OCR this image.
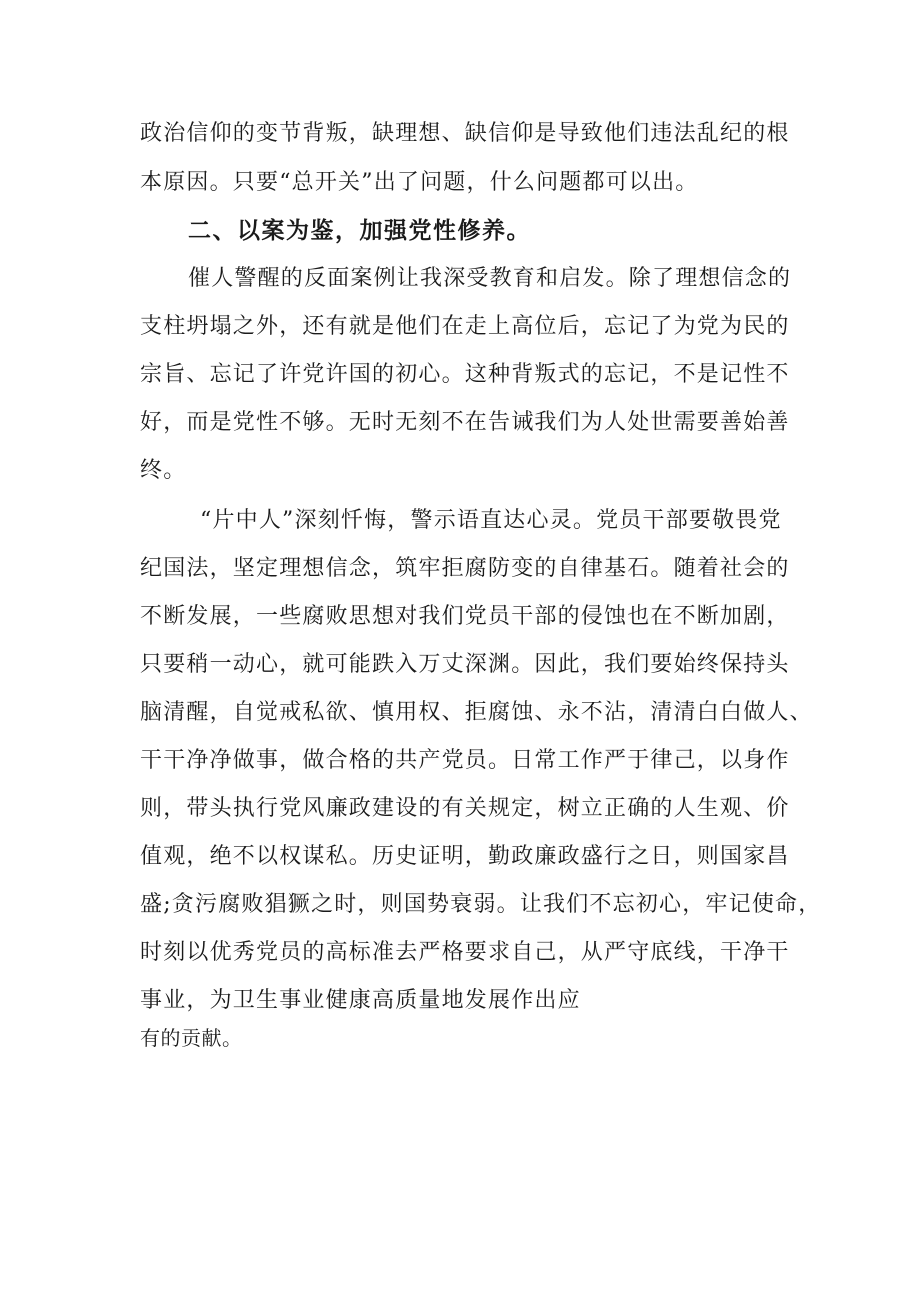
政治信仰的变节背叛，缺理想、缺信仰是导致他们违法乱纪的根
本原因。只要“总开关”出了问题，什么问题都可以出。
二、以案为鉴，加强党性修养。
催人警醒的反面案例让我深受教育和启发。除了理想信念的
支柱坍塌之外，还有就是他们在走上高位后，忘记了为党为民的
宗旨、忘记了许党许国的初心。这种背叛式的忘记，不是记性不
好，而是党性不够。无时无刻不在告诫我们为人处世需要善始善
终。
“片中人”深刻忏悔，警示语直达心灵。党员干部要敬畏党
纪国法，坚定理想信念，筑牢拒腐防变的自律基石。随着社会的
不断发展，一些腐败思想对我们党员干部的侵蚀也在不断加剧，
只要稍一动心，就可能跌入万丈深渊。因此，我们要始终保持头
脑清醒，自觉戒私欲、慎用权、拒腐蚀、永不沾，清清白白做人、
干干净净做事，做合格的共产党员。日常工作严于律己，以身作
则，带头执行党风廉政建设的有关规定，树立正确的人生观、价
值观，绝不以权谋私。历史证明，勤政廉政盛行之日，则国家昌
盛;贪污腐败猖獗之时，则国势衰弱。让我们不忘初心，牢记使命，
时刻以优秀党员的高标准去严格要求自己，从严守底线，干净干
事业，为卫生事业健康高质量地发展作出应
有的贡献。
